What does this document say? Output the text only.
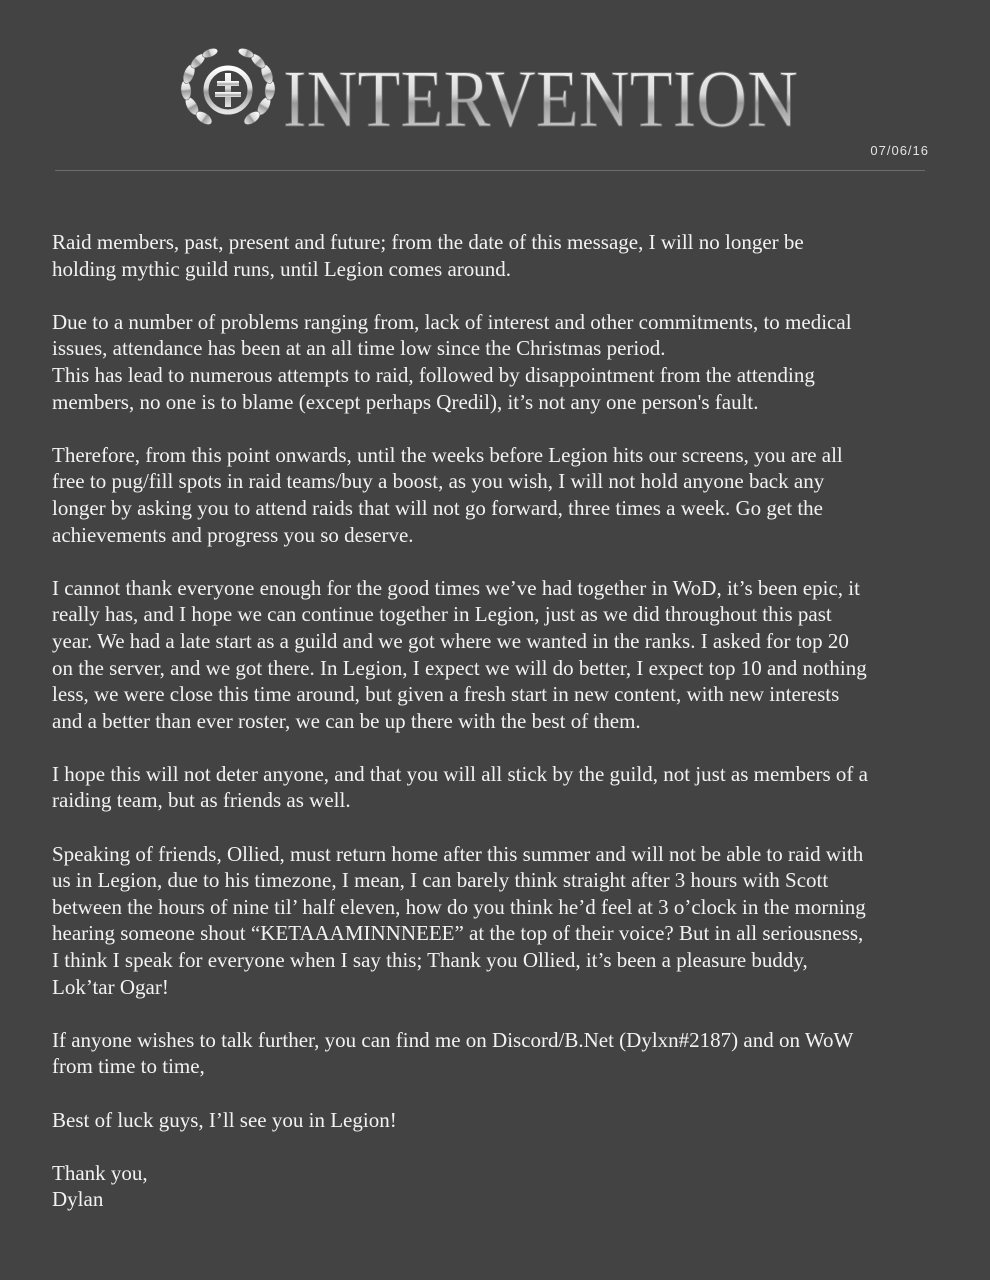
INTERVENTION
07/06/16
Raid members, past, present and future; from the date of this message, I will no longer be
holding mythic guild runs, until Legion comes around.
Due to a number of problems ranging from, lack of interest and other commitments, to medical
issues, attendance has been at an all time low since the Christmas period.
This has lead to numerous attempts to raid, followed by disappointment from the attending
members, no one is to blame (except perhaps Qredil), it’s not any one person's fault.
Therefore, from this point onwards, until the weeks before Legion hits our screens, you are all
free to pug/fill spots in raid teams/buy a boost, as you wish, I will not hold anyone back any
longer by asking you to attend raids that will not go forward, three times a week. Go get the
achievements and progress you so deserve.
I cannot thank everyone enough for the good times we’ve had together in WoD, it’s been epic, it
really has, and I hope we can continue together in Legion, just as we did throughout this past
year. We had a late start as a guild and we got where we wanted in the ranks. I asked for top 20
on the server, and we got there. In Legion, I expect we will do better, I expect top 10 and nothing
less, we were close this time around, but given a fresh start in new content, with new interests
and a better than ever roster, we can be up there with the best of them.
I hope this will not deter anyone, and that you will all stick by the guild, not just as members of a
raiding team, but as friends as well.
Speaking of friends, Ollied, must return home after this summer and will not be able to raid with
us in Legion, due to his timezone, I mean, I can barely think straight after 3 hours with Scott
between the hours of nine til’ half eleven, how do you think he’d feel at 3 o’clock in the morning
hearing someone shout “KETAAAMINNNEEE” at the top of their voice? But in all seriousness,
I think I speak for everyone when I say this; Thank you Ollied, it’s been a pleasure buddy,
Lok’tar Ogar!
If anyone wishes to talk further, you can find me on Discord/B.Net (Dylxn#2187) and on WoW
from time to time,
Best of luck guys, I’ll see you in Legion!
Thank you,
Dylan
